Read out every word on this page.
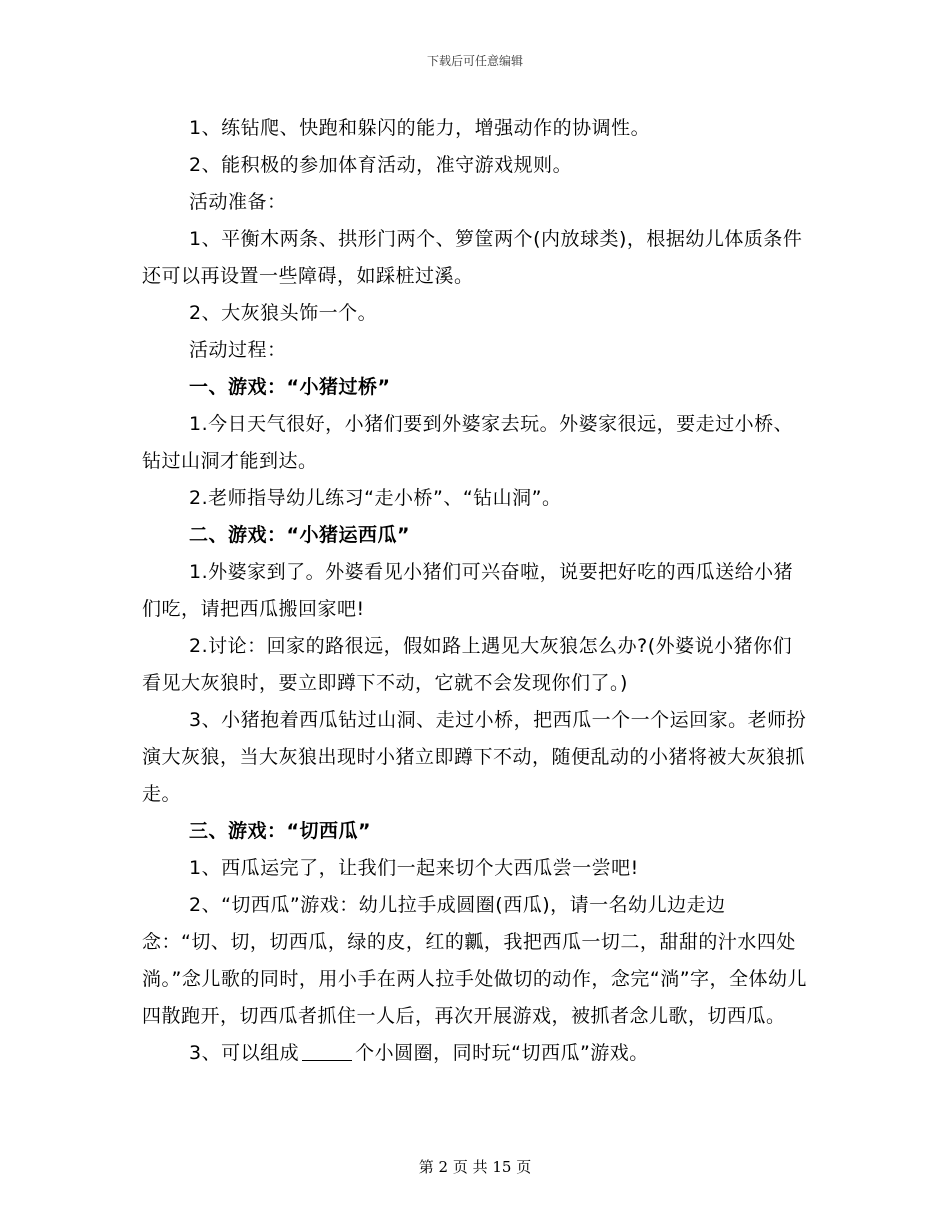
下载后可任意编辑

1、练钻爬、快跑和躲闪的能力，增强动作的协调性。

2、能积极的参加体育活动，准守游戏规则。

活动准备：

1、平衡木两条、拱形门两个、箩筐两个(内放球类)，根据幼儿体质条件还可以再设置一些障碍，如踩桩过溪。

2、大灰狼头饰一个。

活动过程：

一、游戏：“小猪过桥”

1.今日天气很好，小猪们要到外婆家去玩。外婆家很远，要走过小桥、钻过山洞才能到达。

2.老师指导幼儿练习“走小桥”、“钻山洞”。

二、游戏：“小猪运西瓜”

1.外婆家到了。外婆看见小猪们可兴奋啦，说要把好吃的西瓜送给小猪们吃，请把西瓜搬回家吧!

2.讨论：回家的路很远，假如路上遇见大灰狼怎么办?(外婆说小猪你们看见大灰狼时，要立即蹲下不动，它就不会发现你们了。)

3、小猪抱着西瓜钻过山洞、走过小桥，把西瓜一个一个运回家。老师扮演大灰狼，当大灰狼出现时小猪立即蹲下不动，随便乱动的小猪将被大灰狼抓走。

三、游戏：“切西瓜”

1、西瓜运完了，让我们一起来切个大西瓜尝一尝吧!

2、“切西瓜”游戏：幼儿拉手成圆圈(西瓜)，请一名幼儿边走边念：“切、切，切西瓜，绿的皮，红的瓤，我把西瓜一切二，甜甜的汁水四处淌。”念儿歌的同时，用小手在两人拉手处做切的动作，念完“淌”字，全体幼儿四散跑开，切西瓜者抓住一人后，再次开展游戏，被抓者念儿歌，切西瓜。

3、可以组成	个小圆圈，同时玩“切西瓜”游戏。

第 2 页 共 15 页
